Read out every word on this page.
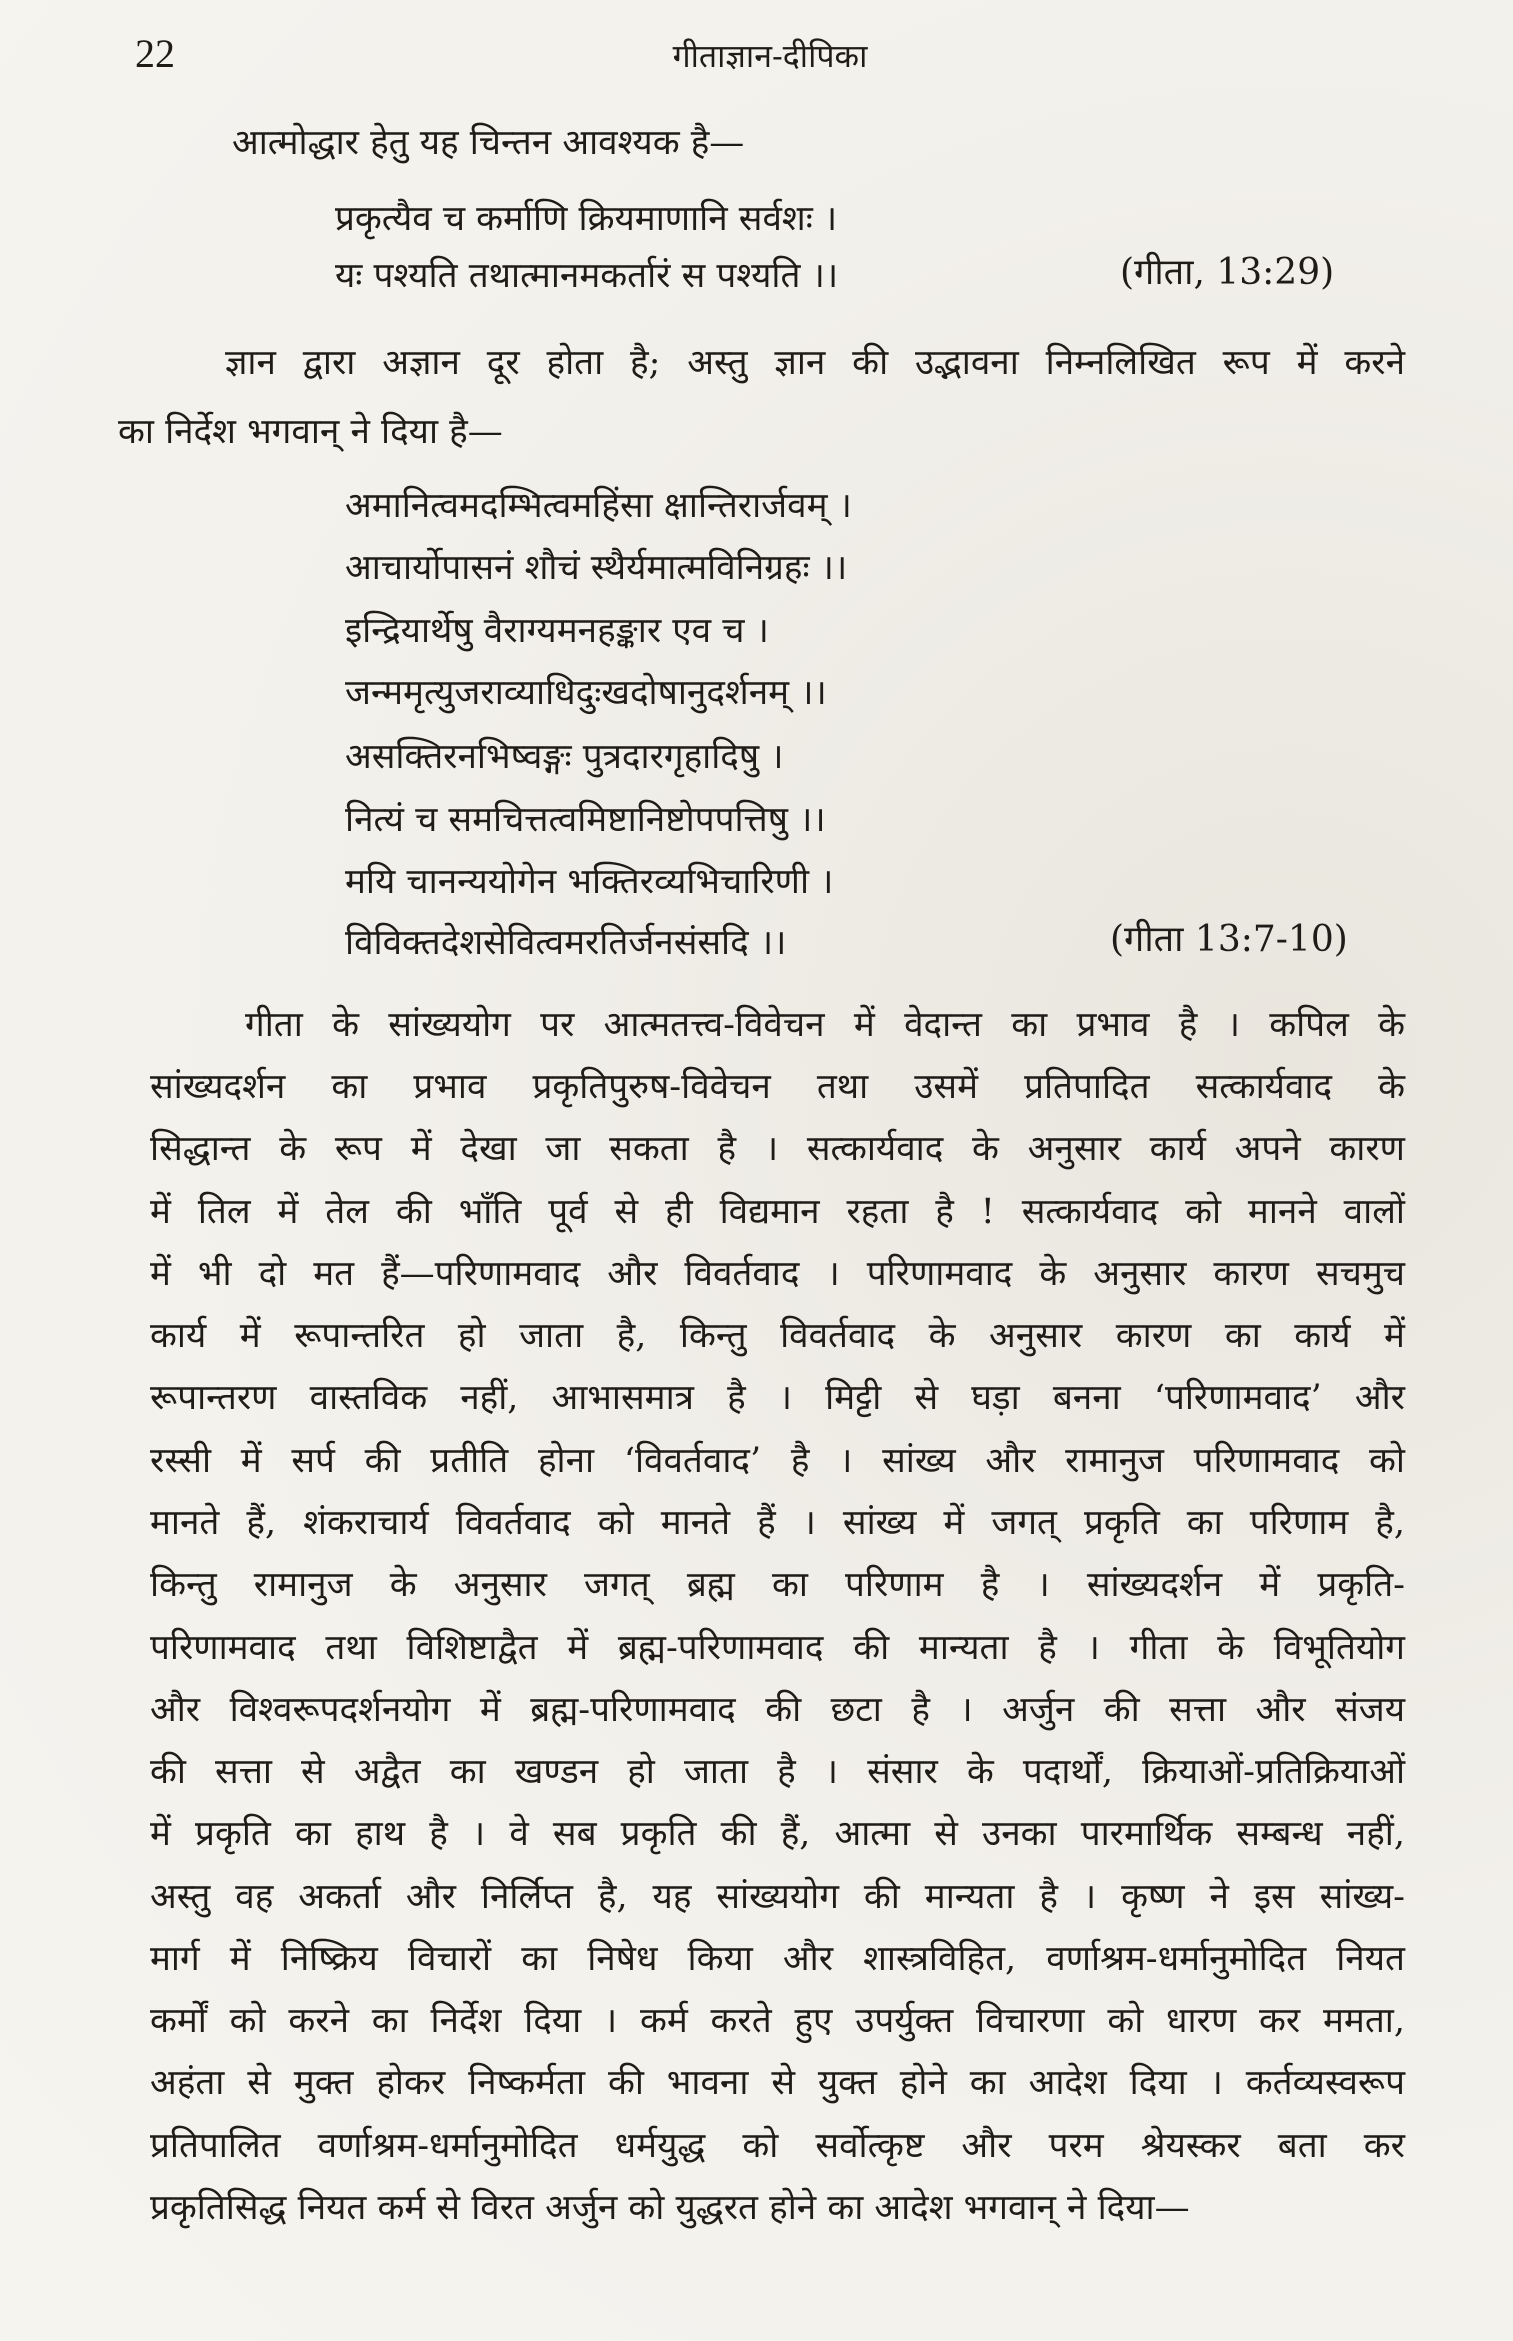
22	गीताज्ञान-दीपिका
आत्मोद्धार हेतु यह चिन्तन आवश्यक है—
प्रकृत्यैव च कर्माणि क्रियमाणानि सर्वशः ।
यः पश्यति तथात्मानमकर्तारं स पश्यति ।।	(गीता, 13:29)
ज्ञान द्वारा अज्ञान दूर होता है; अस्तु ज्ञान की उद्भावना निम्नलिखित रूप में करने
का निर्देश भगवान् ने दिया है—
अमानित्वमदम्भित्वमहिंसा क्षान्तिरार्जवम् ।
आचार्योपासनं शौचं स्थैर्यमात्मविनिग्रहः ।।
इन्द्रियार्थेषु वैराग्यमनहङ्कार एव च ।
जन्ममृत्युजराव्याधिदुःखदोषानुदर्शनम् ।।
असक्तिरनभिष्वङ्गः पुत्रदारगृहादिषु ।
नित्यं च समचित्तत्वमिष्टानिष्टोपपत्तिषु ।।
मयि चानन्ययोगेन भक्तिरव्यभिचारिणी ।
विविक्तदेशसेवित्वमरतिर्जनसंसदि ।।	(गीता 13:7-10)
गीता के सांख्ययोग पर आत्मतत्त्व-विवेचन में वेदान्त का प्रभाव है । कपिल के
सांख्यदर्शन का प्रभाव प्रकृतिपुरुष-विवेचन तथा उसमें प्रतिपादित सत्कार्यवाद के
सिद्धान्त के रूप में देखा जा सकता है । सत्कार्यवाद के अनुसार कार्य अपने कारण
में तिल में तेल की भाँति पूर्व से ही विद्यमान रहता है ! सत्कार्यवाद को मानने वालों
में भी दो मत हैं—परिणामवाद और विवर्तवाद । परिणामवाद के अनुसार कारण सचमुच
कार्य में रूपान्तरित हो जाता है, किन्तु विवर्तवाद के अनुसार कारण का कार्य में
रूपान्तरण वास्तविक नहीं, आभासमात्र है । मिट्टी से घड़ा बनना ‘परिणामवाद’ और
रस्सी में सर्प की प्रतीति होना ‘विवर्तवाद’ है । सांख्य और रामानुज परिणामवाद को
मानते हैं, शंकराचार्य विवर्तवाद को मानते हैं । सांख्य में जगत् प्रकृति का परिणाम है,
किन्तु रामानुज के अनुसार जगत् ब्रह्म का परिणाम है । सांख्यदर्शन में प्रकृति-
परिणामवाद तथा विशिष्टाद्वैत में ब्रह्म-परिणामवाद की मान्यता है । गीता के विभूतियोग
और विश्वरूपदर्शनयोग में ब्रह्म-परिणामवाद की छटा है । अर्जुन की सत्ता और संजय
की सत्ता से अद्वैत का खण्डन हो जाता है । संसार के पदार्थों, क्रियाओं-प्रतिक्रियाओं
में प्रकृति का हाथ है । वे सब प्रकृति की हैं, आत्मा से उनका पारमार्थिक सम्बन्ध नहीं,
अस्तु वह अकर्ता और निर्लिप्त है, यह सांख्ययोग की मान्यता है । कृष्ण ने इस सांख्य-
मार्ग में निष्क्रिय विचारों का निषेध किया और शास्त्रविहित, वर्णाश्रम-धर्मानुमोदित नियत
कर्मों को करने का निर्देश दिया । कर्म करते हुए उपर्युक्त विचारणा को धारण कर ममता,
अहंता से मुक्त होकर निष्कर्मता की भावना से युक्त होने का आदेश दिया । कर्तव्यस्वरूप
प्रतिपालित वर्णाश्रम-धर्मानुमोदित धर्मयुद्ध को सर्वोत्कृष्ट और परम श्रेयस्कर बता कर
प्रकृतिसिद्ध नियत कर्म से विरत अर्जुन को युद्धरत होने का आदेश भगवान् ने दिया—
